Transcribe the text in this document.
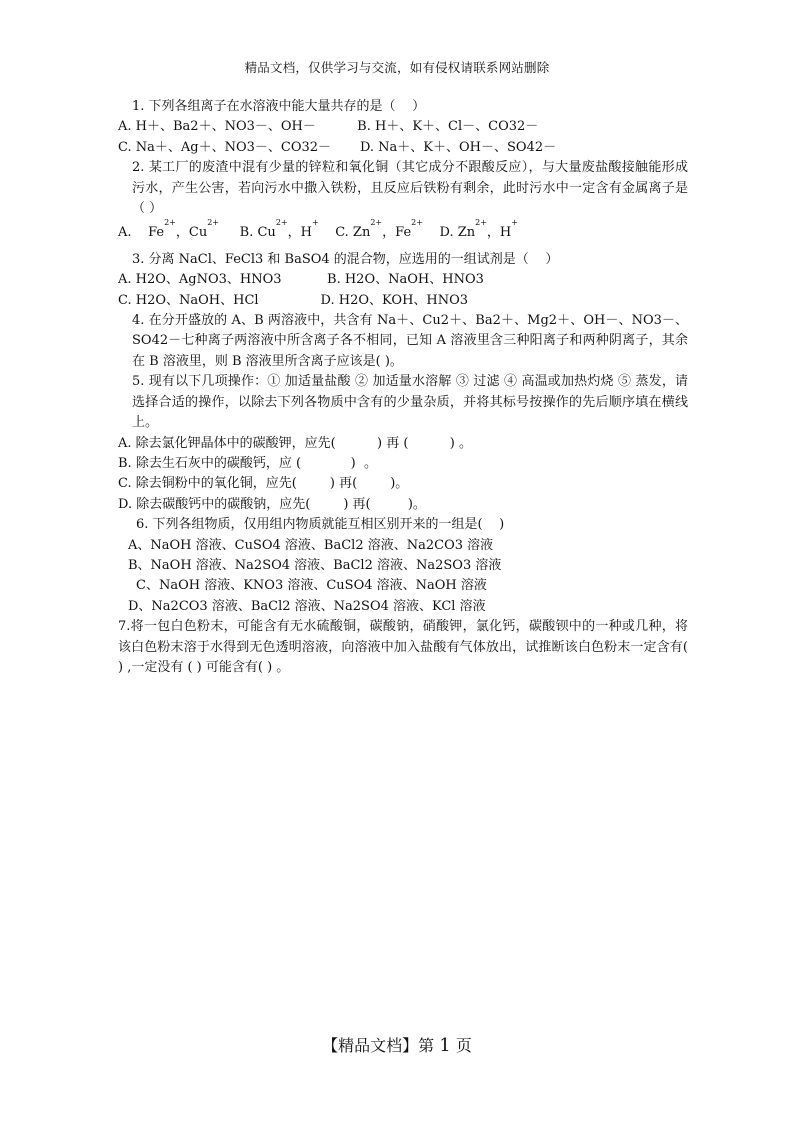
精品文档，仅供学习与交流，如有侵权请联系网站删除
1. 下列各组离子在水溶液中能大量共存的是（    ）
A. H＋、Ba2＋、NO3－、OH－          B. H＋、K＋、Cl－、CO32－
C. Na＋、Ag＋、NO3－、CO32－       D. Na＋、K＋、OH－、SO42－
2. 某工厂的废渣中混有少量的锌粒和氧化铜（其它成分不跟酸反应），与大量废盐酸接触能形成污水，产生公害，若向污水中撒入铁粉，且反应后铁粉有剩余，此时污水中一定含有金属离子是（ ）
A.
Fe
2+
，Cu
2+

B. Cu
2+
，H
+

C. Zn
2+
，Fe
2+

D. Zn
2+
，H
+
3. 分离 NaCl、FeCl3 和 BaSO4 的混合物，应选用的一组试剂是（    ）
A. H2O、AgNO3、HNO3           B. H2O、NaOH、HNO3
C. H2O、NaOH、HCl               D. H2O、KOH、HNO3
4. 在分开盛放的 A、B 两溶液中，共含有 Na＋、Cu2＋、Ba2＋、Mg2＋、OH－、NO3－、 SO42－七种离子两溶液中所含离子各不相同，已知 A 溶液里含三种阳离子和两种阴离子，其余在 B 溶液里，则 B 溶液里所含离子应该是( )。
5. 现有以下几项操作：① 加适量盐酸 ② 加适量水溶解 ③ 过滤 ④ 高温或加热灼烧 ⑤ 蒸发，请选择合适的操作，以除去下列各物质中含有的少量杂质，并将其标号按操作的先后顺序填在横线上。
A. 除去氯化钾晶体中的碳酸钾，应先(          ) 再 (          ) 。
B. 除去生石灰中的碳酸钙，应 (            )  。
C. 除去铜粉中的氧化铜，应先(        ) 再(        )。
D. 除去碳酸钙中的碳酸钠，应先(        ) 再(         )。
6. 下列各组物质，仅用组内物质就能互相区别开来的一组是(    )
A、NaOH 溶液、CuSO4 溶液、BaCl2 溶液、Na2CO3 溶液
B、NaOH 溶液、Na2SO4 溶液、BaCl2 溶液、Na2SO3 溶液
C、NaOH 溶液、KNO3 溶液、CuSO4 溶液、NaOH 溶液
D、Na2CO3 溶液、BaCl2 溶液、Na2SO4 溶液、KCl 溶液
7.将一包白色粉末，可能含有无水硫酸铜，碳酸钠，硝酸钾，氯化钙，碳酸钡中的一种或几种，将该白色粉末溶于水得到无色透明溶液，向溶液中加入盐酸有气体放出，试推断该白色粉末一定含有( ) ,一定没有 ( ) 可能含有( ) 。
【精品文档】第 1 页
